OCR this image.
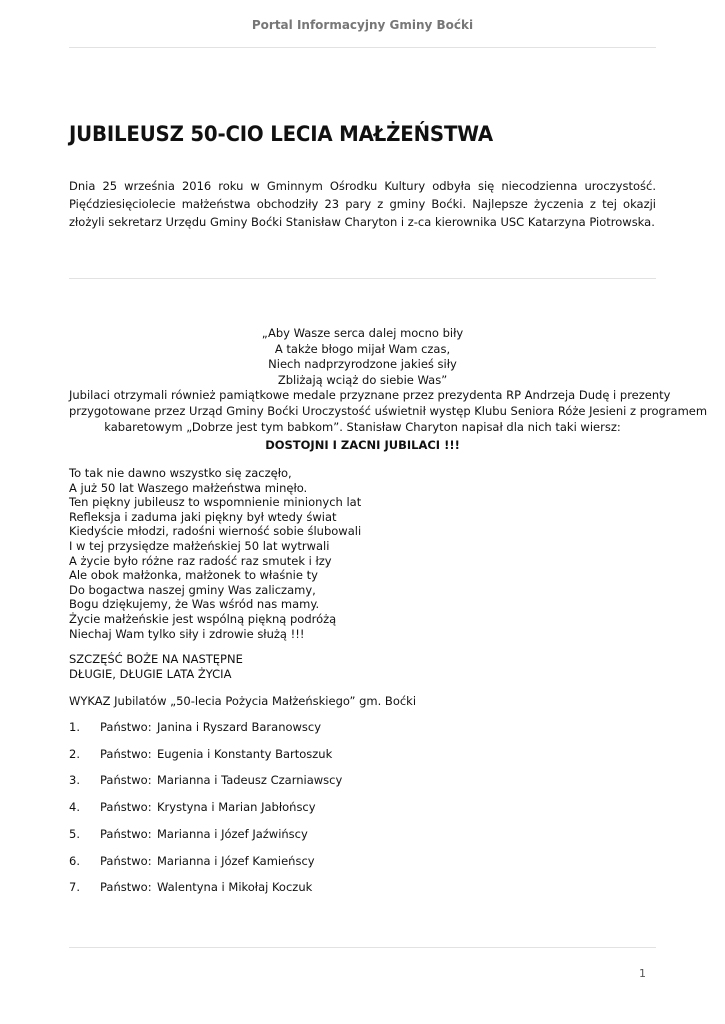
Portal Informacyjny Gminy Boćki
JUBILEUSZ 50-CIO LECIA MAŁŻEŃSTWA

Dnia 25 września 2016 roku w Gminnym Ośrodku Kultury odbyła się niecodzienna uroczystość. Pięćdziesięciolecie małżeństwa obchodziły 23 pary z gminy Boćki. Najlepsze życzenia z tej okazji złożyli sekretarz Urzędu Gminy Boćki Stanisław Charyton i z-ca kierownika USC Katarzyna Piotrowska.

„Aby Wasze serca dalej mocno biły
A także błogo mijał Wam czas,
Niech nadprzyrodzone jakieś siły
Zbliżają wciąż do siebie Was”
Jubilaci otrzymali również pamiątkowe medale przyznane przez prezydenta RP Andrzeja Dudę i prezenty
przygotowane przez Urząd Gminy Boćki Uroczystość uświetnił występ Klubu Seniora Róże Jesieni z programem
kabaretowym „Dobrze jest tym babkom”. Stanisław Charyton napisał dla nich taki wiersz:
DOSTOJNI I ZACNI JUBILACI !!!
To tak nie dawno wszystko się zaczęło,
A już 50 lat Waszego małżeństwa minęło.
Ten piękny jubileusz to wspomnienie minionych lat
Refleksja i zaduma jaki piękny był wtedy świat
Kiedyście młodzi, radośni wierność sobie ślubowali
I w tej przysiędze małżeńskiej 50 lat wytrwali
A życie było różne raz radość raz smutek i łzy
Ale obok małżonka, małżonek to właśnie ty
Do bogactwa naszej gminy Was zaliczamy,
Bogu dziękujemy, że Was wśród nas mamy.
Życie małżeńskie jest wspólną piękną podróżą
Niechaj Wam tylko siły i zdrowie służą !!!
SZCZĘŚĆ BOŻE NA NASTĘPNE
DŁUGIE, DŁUGIE LATA ŻYCIA
WYKAZ Jubilatów „50-lecia Pożycia Małżeńskiego” gm. Boćki
1. Państwo: Janina i Ryszard Baranowscy
2. Państwo: Eugenia i Konstanty Bartoszuk
3. Państwo: Marianna i Tadeusz Czarniawscy
4. Państwo: Krystyna i Marian Jabłońscy
5. Państwo: Marianna i Józef Jaźwińscy
6. Państwo: Marianna i Józef Kamieńscy
7. Państwo: Walentyna i Mikołaj Koczuk
1
